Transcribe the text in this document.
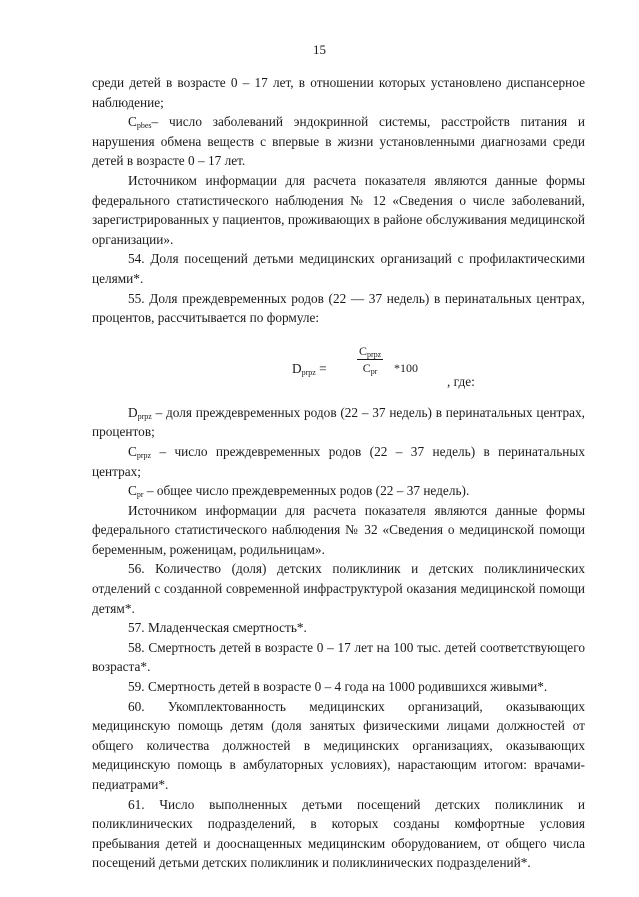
15

среди детей в возрасте 0 – 17 лет, в отношении которых установлено диспансерное наблюдение;

$C_{pbes}-$ число заболеваний эндокринной системы, расстройств питания и нарушения обмена веществ с впервые в жизни установленными диагнозами среди детей в возрасте 0 – 17 лет.

Источником информации для расчета показателя являются данные формы федерального статистического наблюдения № 12 «Сведения о числе заболеваний, зарегистрированных у пациентов, проживающих в районе обслуживания медицинской организации».

54. Доля посещений детьми медицинских организаций с профилактическими целями*.

55. Доля преждевременных родов (22 — 37 недель) в перинатальных центрах, процентов, рассчитывается по формуле:

$D_{prpz}$ =
$C_{prpz}$
$C_{pr}$	*100
, где:

$D_{prpz}$ – доля преждевременных родов (22 – 37 недель) в перинатальных центрах, процентов;

$C_{prpz}$ – число преждевременных родов (22 – 37 недель) в перинатальных центрах;

$C_{pr}$ – общее число преждевременных родов (22 – 37 недель).

Источником информации для расчета показателя являются данные формы федерального статистического наблюдения № 32 «Сведения о медицинской помощи беременным, роженицам, родильницам».

56. Количество (доля) детских поликлиник и детских поликлинических отделений с созданной современной инфраструктурой оказания медицинской помощи детям*.

57. Младенческая смертность*.

58. Смертность детей в возрасте 0 – 17 лет на 100 тыс. детей соответствующего возраста*.

59. Смертность детей в возрасте 0 – 4 года на 1000 родившихся живыми*.

60. Укомплектованность медицинских организаций, оказывающих медицинскую помощь детям (доля занятых физическими лицами должностей от общего количества должностей в медицинских организациях, оказывающих медицинскую помощь в амбулаторных условиях), нарастающим итогом: врачами-педиатрами*.

61. Число выполненных детьми посещений детских поликлиник и поликлинических подразделений, в которых созданы комфортные условия пребывания детей и дооснащенных медицинским оборудованием, от общего числа посещений детьми детских поликлиник и поликлинических подразделений*.
